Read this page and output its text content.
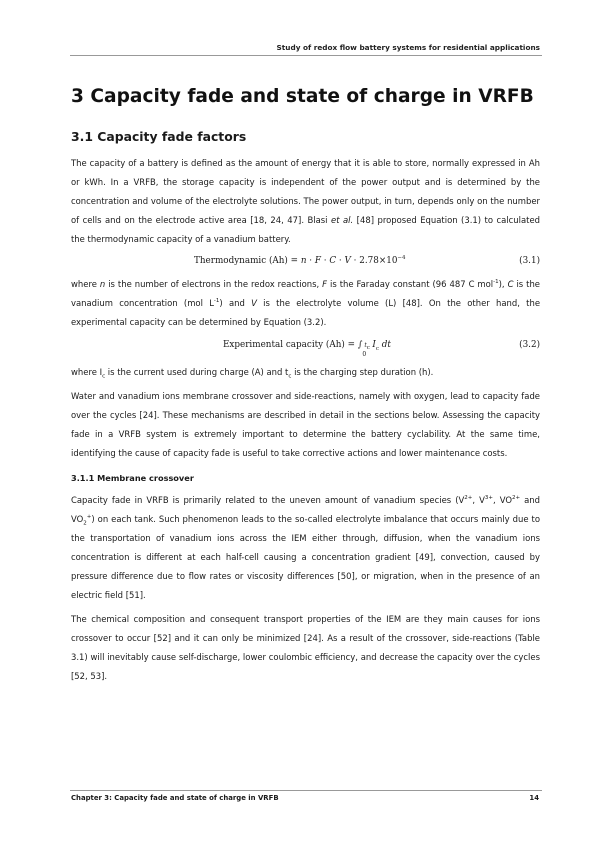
Study of redox flow battery systems for residential applications
3 Capacity fade and state of charge in VRFB
3.1 Capacity fade factors

The capacity of a battery is defined as the amount of energy that it is able to store, normally expressed in Ah or kWh. In a VRFB, the storage capacity is independent of the power output and is determined by the concentration and volume of the electrolyte solutions. The power output, in turn, depends only on the number of cells and on the electrode active area [18, 24, 47]. Blasi et al. [48] proposed Equation (3.1) to calculated the thermodynamic capacity of a vanadium battery.

Thermodynamic $(Ah) = n \cdot F \cdot C \cdot V \cdot 2.78\times 10^{-4}$	(3.1)

where n is the number of electrons in the redox reactions, F is the Faraday constant (96 487 C mol$^{-1}$), C is the vanadium concentration (mol $L^{-1}$) and V is the electrolyte volume (L) [48]. On the other hand, the experimental capacity can be determined by Equation (3.2).

Experimental capacity (Ah) = ∫ $t_c$
0
$I_c$ dt	(3.2)

where $I_c$ is the current used during charge (A) and $t_c$ is the charging step duration (h).

Water and vanadium ions membrane crossover and side-reactions, namely with oxygen, lead to capacity fade over the cycles [24]. These mechanisms are described in detail in the sections below. Assessing the capacity fade in a VRFB system is extremely important to determine the battery cyclability. At the same time, identifying the cause of capacity fade is useful to take corrective actions and lower maintenance costs.

3.1.1 Membrane crossover

Capacity fade in VRFB is primarily related to the uneven amount of vanadium species ($V^{2+}$, $V^{3+}$, $VO^{2+}$ and $VO_2^+$) on each tank. Such phenomenon leads to the so-called electrolyte imbalance that occurs mainly due to the transportation of vanadium ions across the IEM either through, diffusion, when the vanadium ions concentration is different at each half-cell causing a concentration gradient [49], convection, caused by pressure difference due to flow rates or viscosity differences [50], or migration, when in the presence of an electric field [51].

The chemical composition and consequent transport properties of the IEM are they main causes for ions crossover to occur [52] and it can only be minimized [24]. As a result of the crossover, side-reactions (Table 3.1) will inevitably cause self-discharge, lower coulombic efficiency, and decrease the capacity over the cycles [52, 53].

Chapter 3: Capacity fade and state of charge in VRFB	14
